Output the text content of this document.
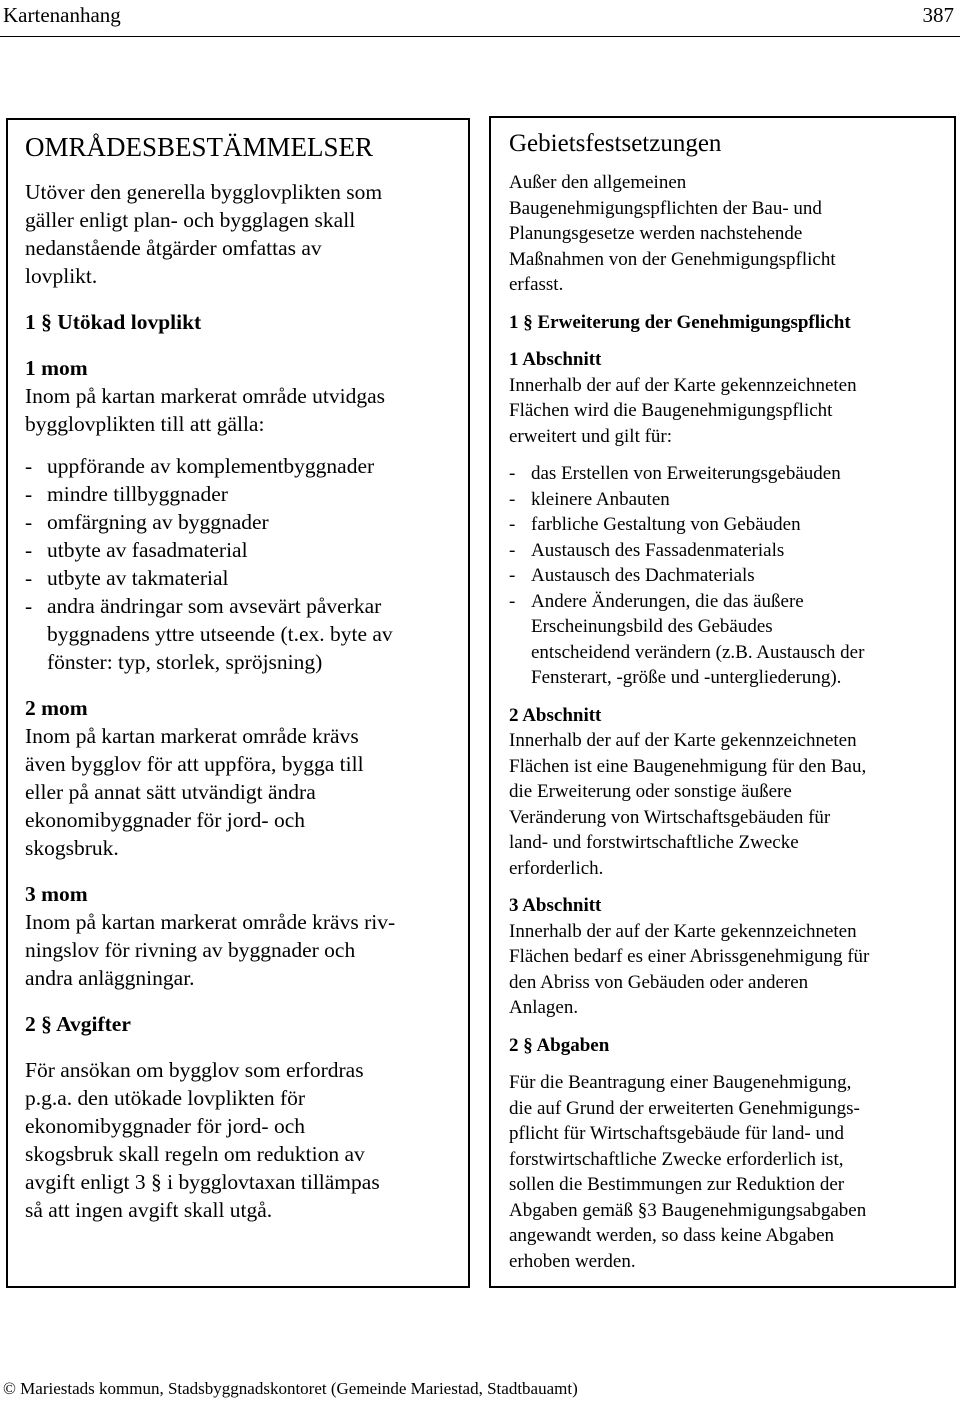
Kartenanhang	387
OMRÅDESBESTÄMMELSER
Utöver den generella bygglovplikten som
gäller enligt plan- och bygglagen skall
nedanstående åtgärder omfattas av
lovplikt.
1 § Utökad lovplikt
1 mom
Inom på kartan markerat område utvidgas
bygglovplikten till att gälla:
- uppförande av komplementbyggnader
- mindre tillbyggnader
- omfärgning av byggnader
- utbyte av fasadmaterial
- utbyte av takmaterial
- andra ändringar som avsevärt påverkar
byggnadens yttre utseende (t.ex. byte av
fönster: typ, storlek, spröjsning)
2 mom
Inom på kartan markerat område krävs
även bygglov för att uppföra, bygga till
eller på annat sätt utvändigt ändra
ekonomibyggnader för jord- och
skogsbruk.
3 mom
Inom på kartan markerat område krävs riv-
ningslov för rivning av byggnader och
andra anläggningar.
2 § Avgifter
För ansökan om bygglov som erfordras
p.g.a. den utökade lovplikten för
ekonomibyggnader för jord- och
skogsbruk skall regeln om reduktion av
avgift enligt 3 § i bygglovtaxan tillämpas
så att ingen avgift skall utgå.
Gebietsfestsetzungen
Außer den allgemeinen
Baugenehmigungspflichten der Bau- und
Planungsgesetze werden nachstehende
Maßnahmen von der Genehmigungspflicht
erfasst.
1 § Erweiterung der Genehmigungspflicht
1 Abschnitt
Innerhalb der auf der Karte gekennzeichneten
Flächen wird die Baugenehmigungspflicht
erweitert und gilt für:
- das Erstellen von Erweiterungsgebäuden
- kleinere Anbauten
- farbliche Gestaltung von Gebäuden
- Austausch des Fassadenmaterials
- Austausch des Dachmaterials
- Andere Änderungen, die das äußere
Erscheinungsbild des Gebäudes
entscheidend verändern (z.B. Austausch der
Fensterart, -größe und -untergliederung).
2 Abschnitt
Innerhalb der auf der Karte gekennzeichneten
Flächen ist eine Baugenehmigung für den Bau,
die Erweiterung oder sonstige äußere
Veränderung von Wirtschaftsgebäuden für
land- und forstwirtschaftliche Zwecke
erforderlich.
3 Abschnitt
Innerhalb der auf der Karte gekennzeichneten
Flächen bedarf es einer Abrissgenehmigung für
den Abriss von Gebäuden oder anderen
Anlagen.
2 § Abgaben
Für die Beantragung einer Baugenehmigung,
die auf Grund der erweiterten Genehmigungs-
pflicht für Wirtschaftsgebäude für land- und
forstwirtschaftliche Zwecke erforderlich ist,
sollen die Bestimmungen zur Reduktion der
Abgaben gemäß §3 Baugenehmigungsabgaben
angewandt werden, so dass keine Abgaben
erhoben werden.
© Mariestads kommun, Stadsbyggnadskontoret (Gemeinde Mariestad, Stadtbauamt)
